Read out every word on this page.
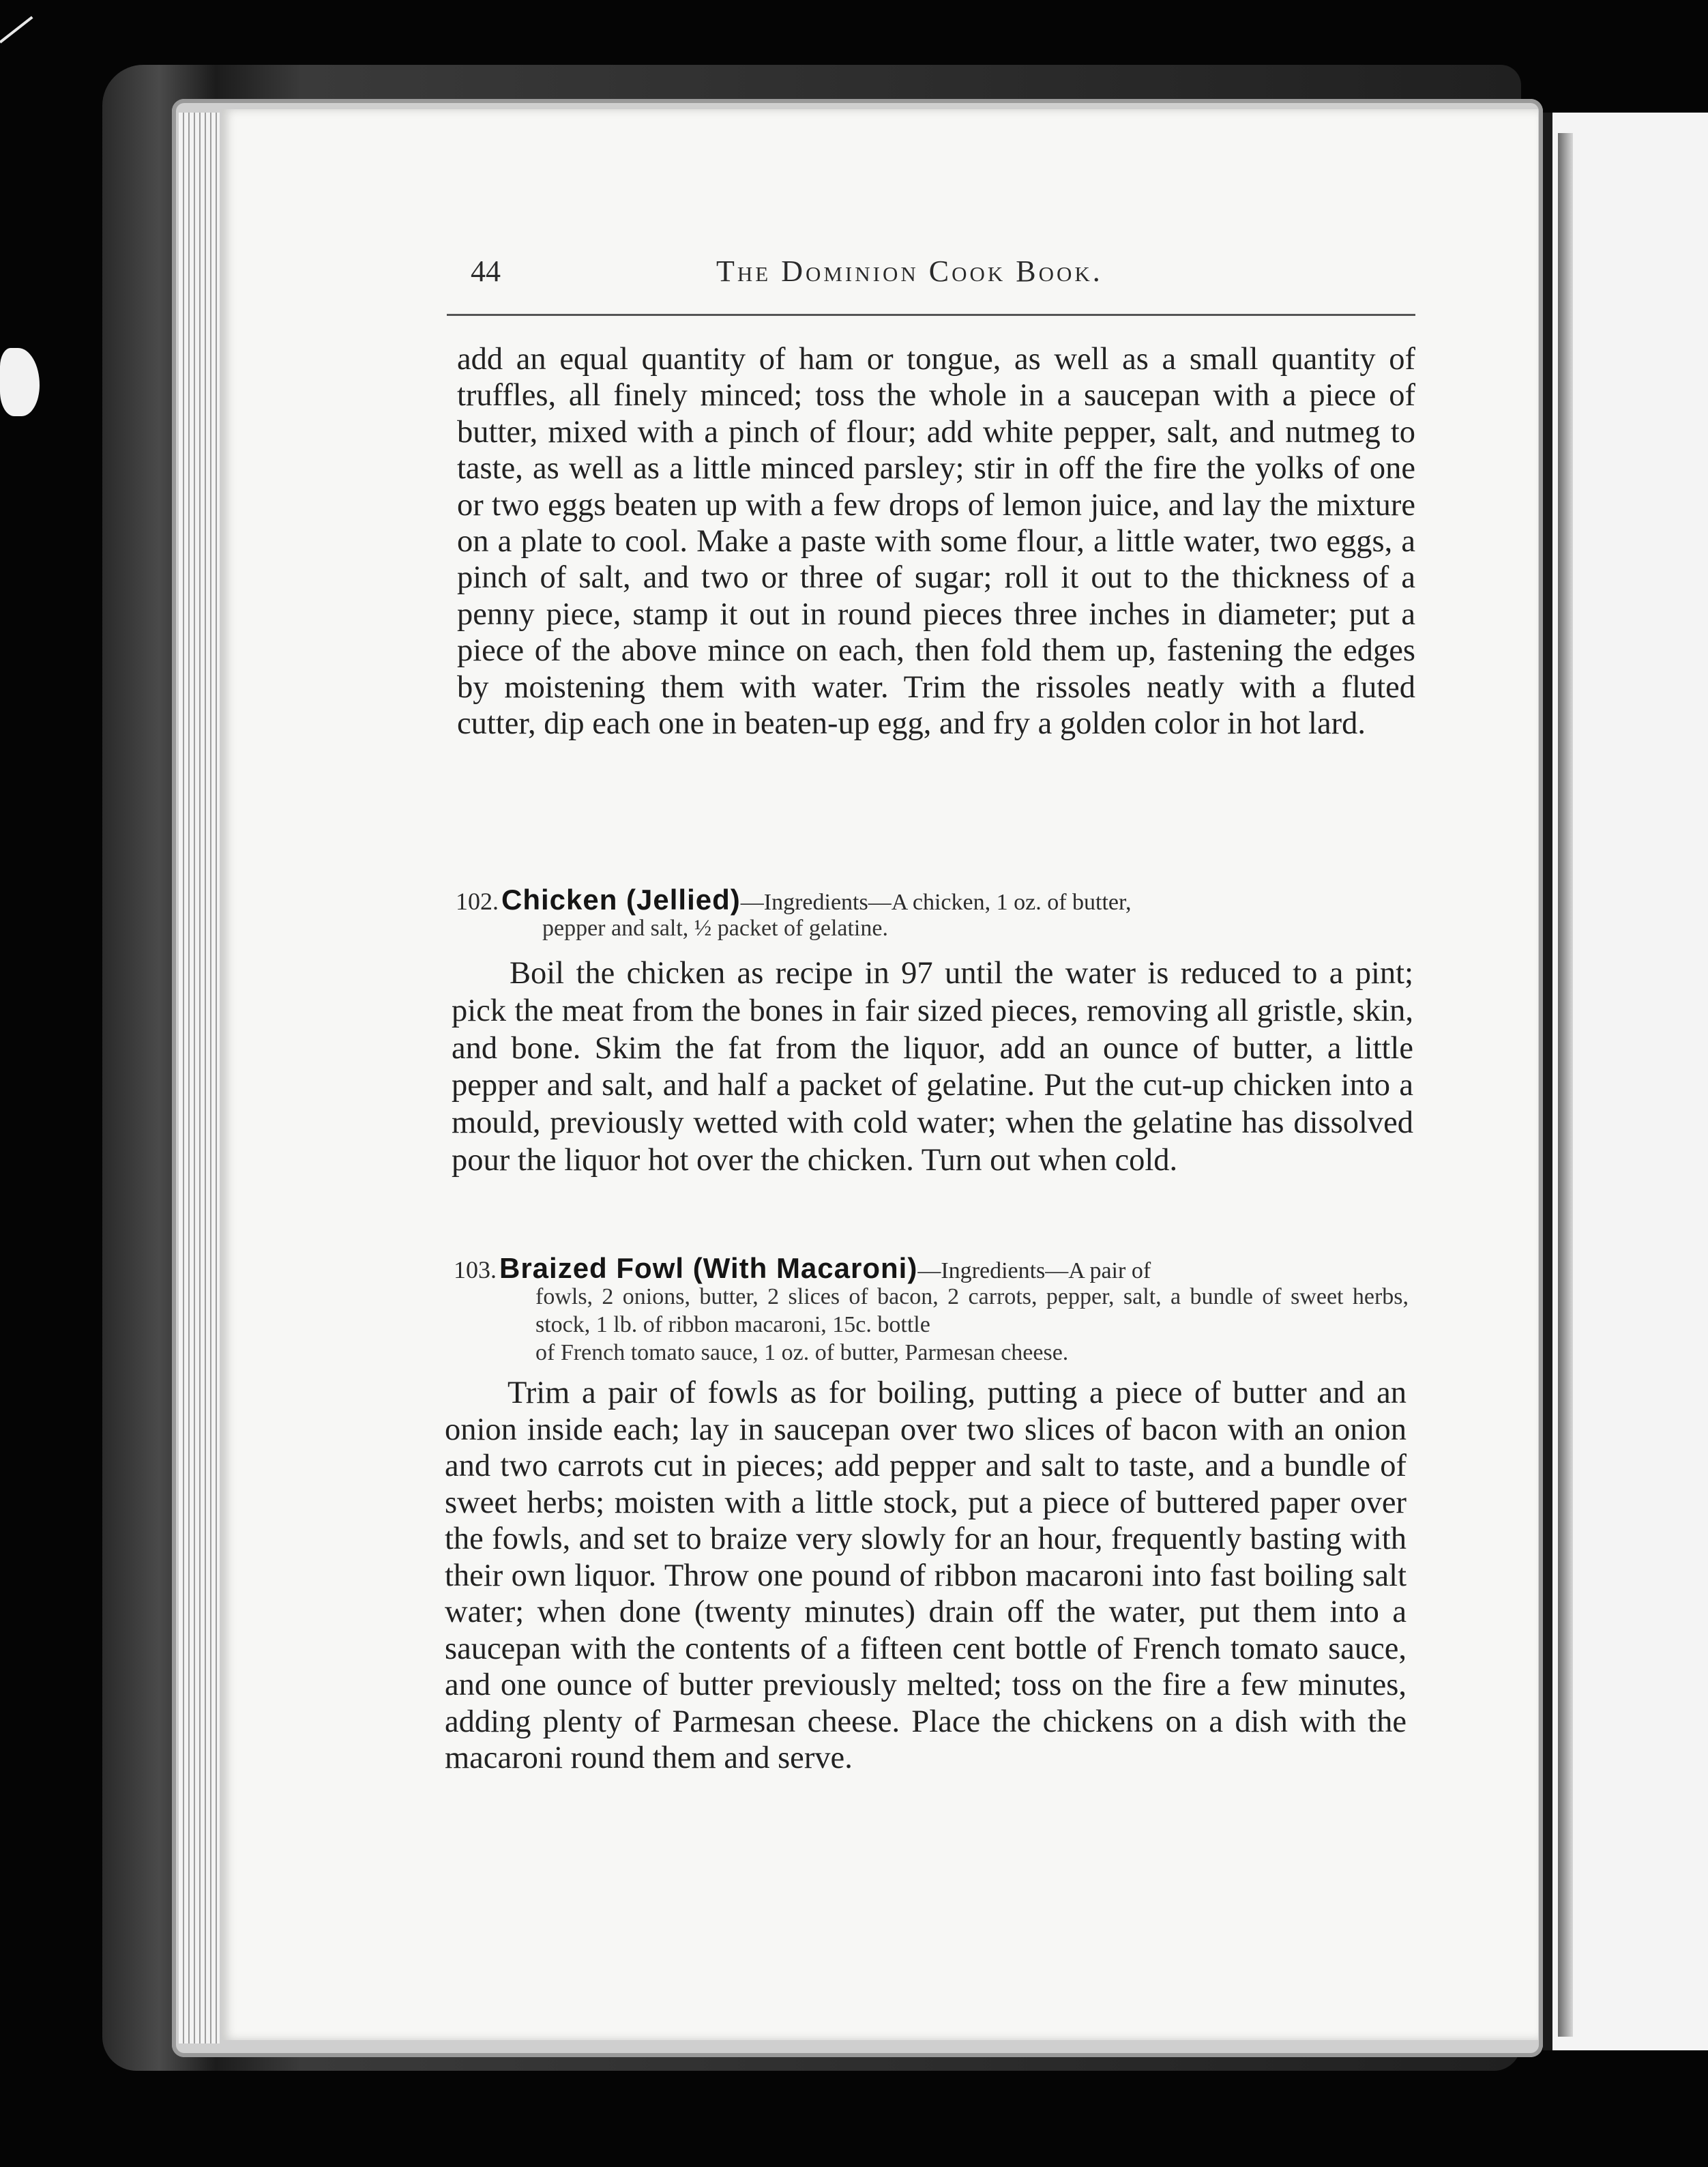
44	The Dominion Cook Book.

add an equal quantity of ham or tongue, as well as a small quantity of truffles, all finely minced; toss the whole in a saucepan with a piece of butter, mixed with a pinch of flour; add white pepper, salt, and nutmeg to taste, as well as a little minced parsley; stir in off the fire the yolks of one or two eggs beaten up with a few drops of lemon juice, and lay the mixture on a plate to cool. Make a paste with some flour, a little water, two eggs, a pinch of salt, and two or three of sugar; roll it out to the thickness of a penny piece, stamp it out in round pieces three inches in diameter; put a piece of the above mince on each, then fold them up, fastening the edges by moistening them with water. Trim the rissoles neatly with a fluted cutter, dip each one in beaten-up egg, and fry a golden color in hot lard.

102. Chicken (Jellied)—Ingredients—A chicken, 1 oz. of butter,

pepper and salt, ½ packet of gelatine.

Boil the chicken as recipe in 97 until the water is reduced to a pint; pick the meat from the bones in fair sized pieces, removing all gristle, skin, and bone. Skim the fat from the liquor, add an ounce of butter, a little pepper and salt, and half a packet of gelatine. Put the cut-up chicken into a mould, previously wetted with cold water; when the gelatine has dissolved pour the liquor hot over the chicken. Turn out when cold.

103. Braized Fowl (With Macaroni)—Ingredients—A pair of

fowls, 2 onions, butter, 2 slices of bacon, 2 carrots, pepper, salt, a bundle of sweet herbs, stock, 1 lb. of ribbon macaroni, 15c. bottle
of French tomato sauce, 1 oz. of butter, Parmesan cheese.

Trim a pair of fowls as for boiling, putting a piece of butter and an onion inside each; lay in saucepan over two slices of bacon with an onion and two carrots cut in pieces; add pepper and salt to taste, and a bundle of sweet herbs; moisten with a little stock, put a piece of buttered paper over the fowls, and set to braize very slowly for an hour, frequently basting with their own liquor. Throw one pound of ribbon macaroni into fast boiling salt water; when done (twenty minutes) drain off the water, put them into a saucepan with the contents of a fifteen cent bottle of French tomato sauce, and one ounce of butter previously melted; toss on the fire a few minutes, adding plenty of Parmesan cheese. Place the chickens on a dish with the macaroni round them and serve.
